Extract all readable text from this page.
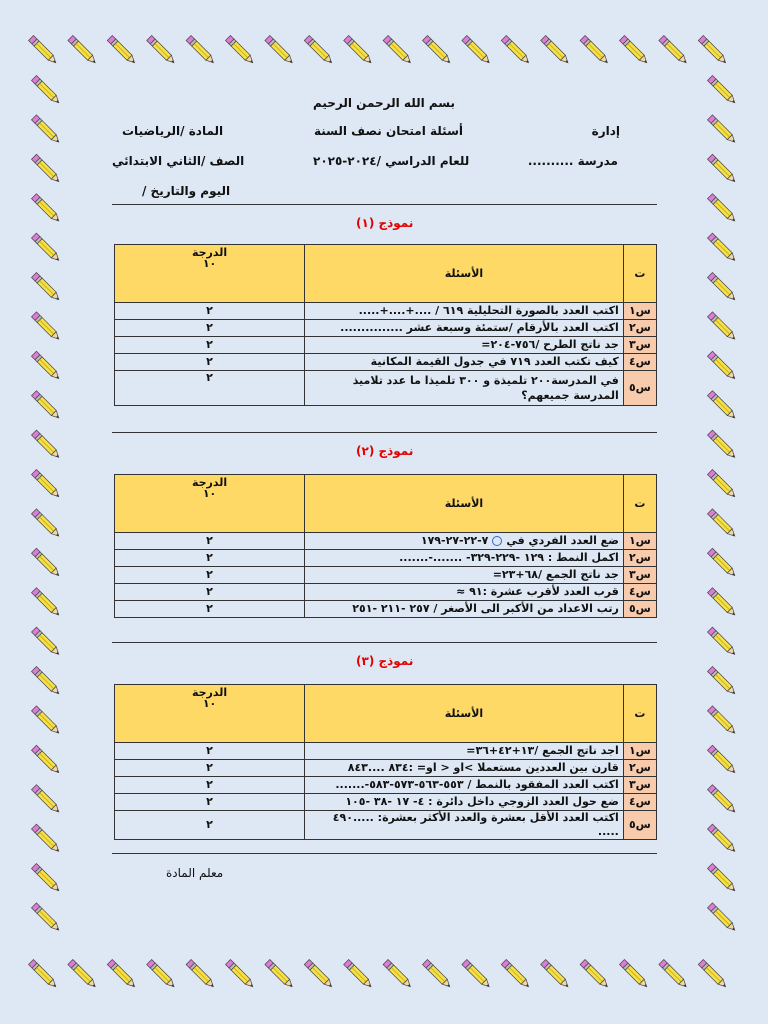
بسم الله الرحمن الرحيم
إدارة
أسئلة امتحان نصف السنة
المادة /الرياضيات
مدرسة ..........
للعام الدراسي /٢٠٢٤-٢٠٢٥
الصف /الثاني الابتدائي
اليوم والتاريخ /
نموذج (١)
ت	الأسئلة	الدرجة
١٠

س١	اكتب العدد بالصورة التحليلية ٦١٩ / ....+....+.....	٢
س٢	اكتب العدد بالأرقام /ستمئة وسبعة عشر ...............	٢
س٣	جد ناتج الطرح /٧٥٦-٢٠٤=	٢
س٤	كيف تكتب العدد ٧١٩ في جدول القيمة المكانية	٢
س٥	في المدرسة٢٠٠ تلميذة و ٣٠٠ تلميذا ما عدد تلاميذ المدرسة جميعهم؟	٢
نموذج (٢)
ت	الأسئلة	الدرجة
١٠

س١	ضع العدد الفردي في٧-٢٢-٢٧-١٧٩	٢
س٢	اكمل النمط : ١٢٩ -٢٢٩-٣٢٩- .......-.......	٢
س٣	جد ناتج الجمع /٦٨+٢٣=	٢
س٤	قرب العدد لأقرب عشرة :٩١ ≈	٢
س٥	رتب الاعداد من الأكبر الى الأصغر / ٢٥٧ -٢١١ -٢٥١	٢
نموذج (٣)
ت	الأسئلة	الدرجة
١٠

س١	اجد ناتج الجمع /١٣+٤٢+٣٦=	٢
س٢	قارن بين العددين مستعملا >او < او= :٨٣٤ ....٨٤٣	٢
س٣	اكتب العدد المفقود بالنمط / ٥٥٣-٥٦٣-٥٧٣-٥٨٣-.......	٢
س٤	ضع حول العدد الزوجي داخل دائرة : ٤- ١٧ -٣٨ -١٠٥	٢
س٥	اكتب العدد الأقل بعشرة والعدد الأكثر بعشرة: .....٤٩٠ .....	٢
معلم المادة
